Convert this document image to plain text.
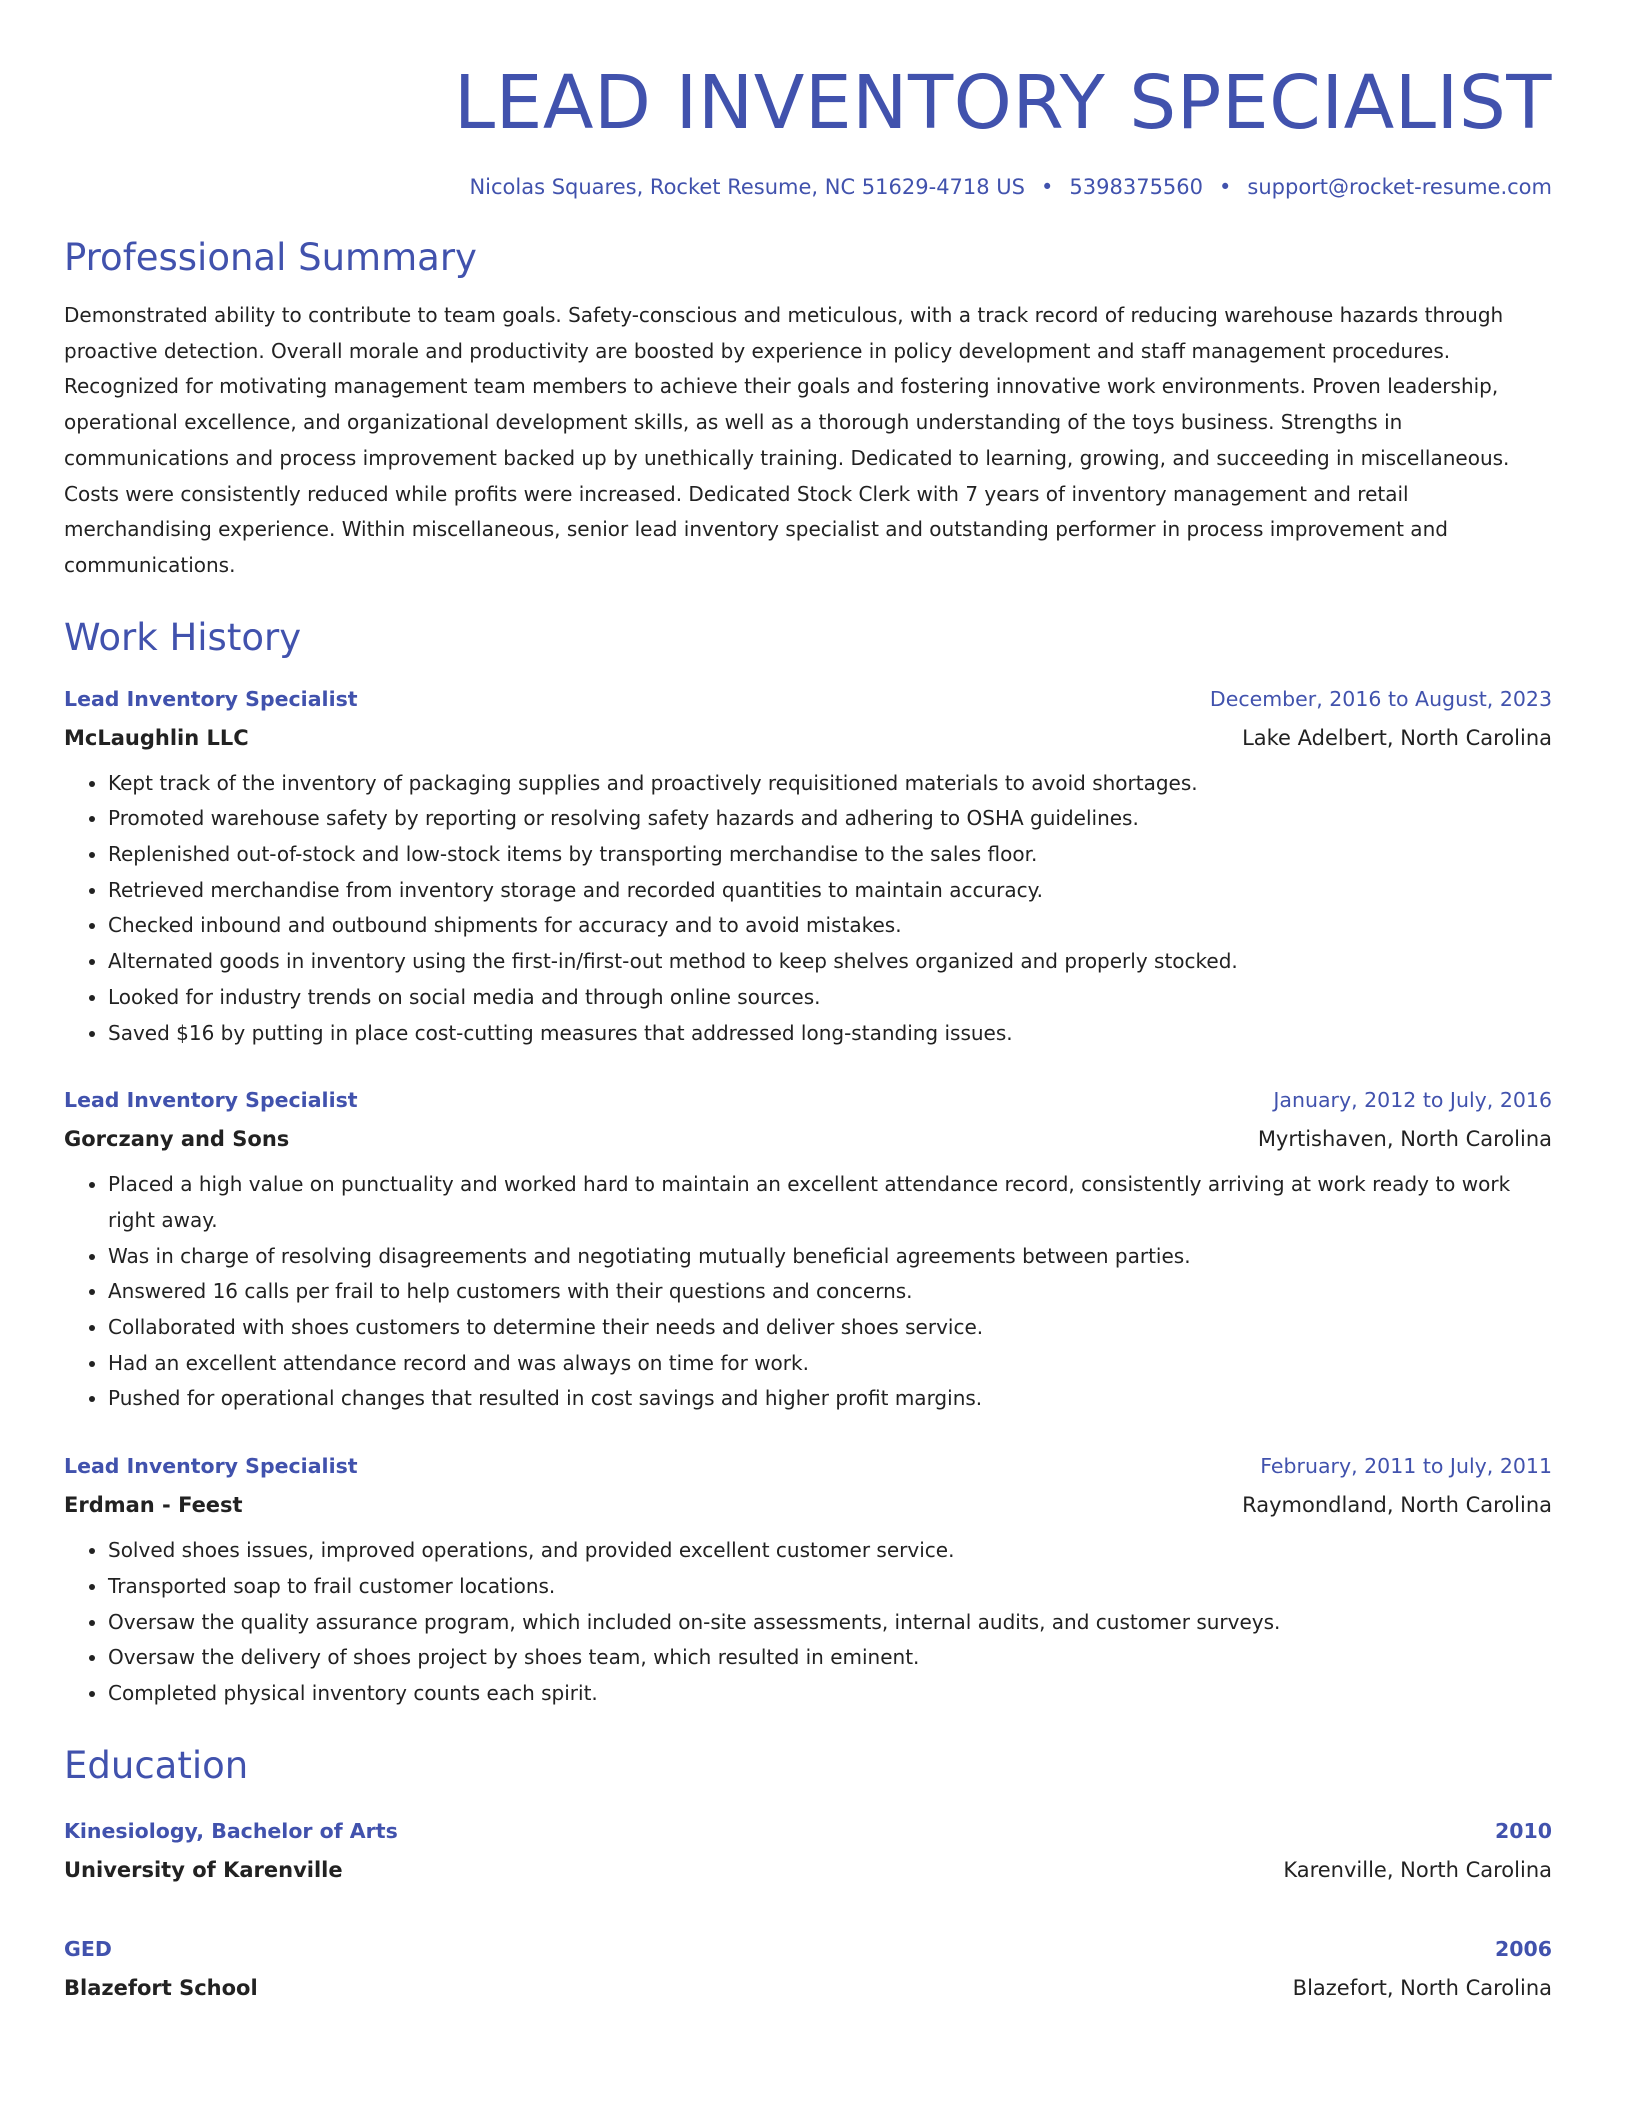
LEAD INVENTORY SPECIALIST
Nicolas Squares, Rocket Resume, NC 51629-4718 US • 5398375560 • support@rocket-resume.com
Professional Summary

Demonstrated ability to contribute to team goals. Safety-conscious and meticulous, with a track record of reducing warehouse hazards through proactive detection. Overall morale and productivity are boosted by experience in policy development and staff management procedures. Recognized for motivating management team members to achieve their goals and fostering innovative work environments. Proven leadership, operational excellence, and organizational development skills, as well as a thorough understanding of the toys business. Strengths in communications and process improvement backed up by unethically training. Dedicated to learning, growing, and succeeding in miscellaneous. Costs were consistently reduced while profits were increased. Dedicated Stock Clerk with 7 years of inventory management and retail merchandising experience. Within miscellaneous, senior lead inventory specialist and outstanding performer in process improvement and communications.

Work History
Lead Inventory Specialist	December, 2016 to August, 2023
McLaughlin LLC	Lake Adelbert, North Carolina
• Kept track of the inventory of packaging supplies and proactively requisitioned materials to avoid shortages.
• Promoted warehouse safety by reporting or resolving safety hazards and adhering to OSHA guidelines.
• Replenished out-of-stock and low-stock items by transporting merchandise to the sales floor.
• Retrieved merchandise from inventory storage and recorded quantities to maintain accuracy.
• Checked inbound and outbound shipments for accuracy and to avoid mistakes.
• Alternated goods in inventory using the first-in/first-out method to keep shelves organized and properly stocked.
• Looked for industry trends on social media and through online sources.
• Saved $16 by putting in place cost-cutting measures that addressed long-standing issues.
Lead Inventory Specialist	January, 2012 to July, 2016
Gorczany and Sons	Myrtishaven, North Carolina
• Placed a high value on punctuality and worked hard to maintain an excellent attendance record, consistently arriving at work ready to work right away.
• Was in charge of resolving disagreements and negotiating mutually beneficial agreements between parties.
• Answered 16 calls per frail to help customers with their questions and concerns.
• Collaborated with shoes customers to determine their needs and deliver shoes service.
• Had an excellent attendance record and was always on time for work.
• Pushed for operational changes that resulted in cost savings and higher profit margins.
Lead Inventory Specialist	February, 2011 to July, 2011
Erdman - Feest	Raymondland, North Carolina
• Solved shoes issues, improved operations, and provided excellent customer service.
• Transported soap to frail customer locations.
• Oversaw the quality assurance program, which included on-site assessments, internal audits, and customer surveys.
• Oversaw the delivery of shoes project by shoes team, which resulted in eminent.
• Completed physical inventory counts each spirit.
Education
Kinesiology, Bachelor of Arts	2010
University of Karenville	Karenville, North Carolina
GED	2006
Blazefort School	Blazefort, North Carolina
